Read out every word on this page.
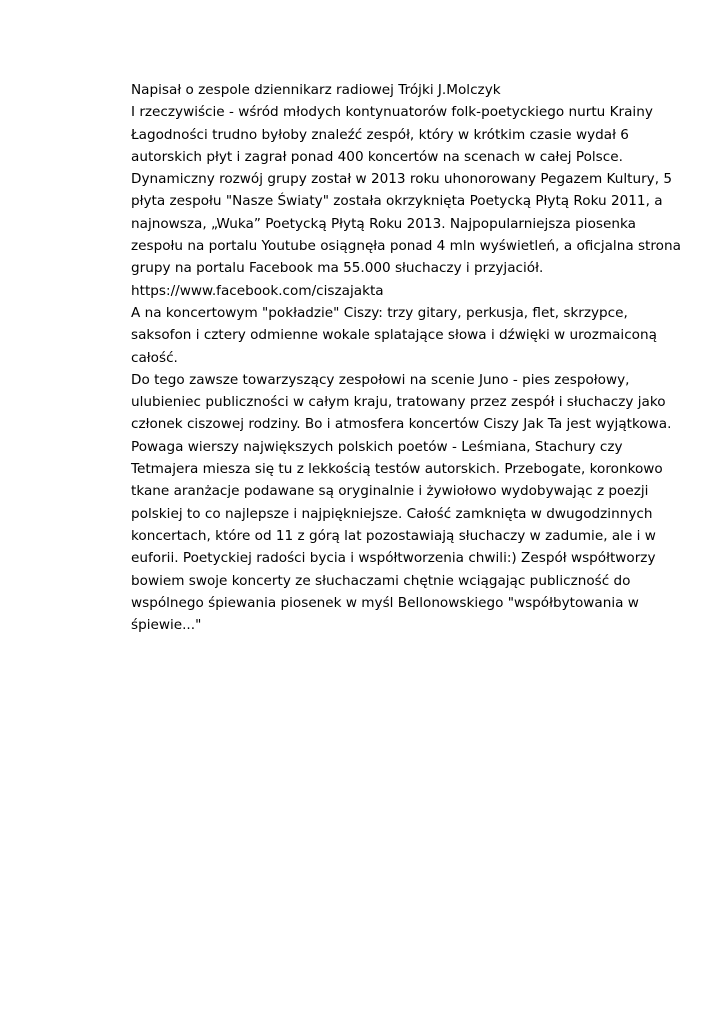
Napisał o zespole dziennikarz radiowej Trójki J.Molczyk
I rzeczywiście - wśród młodych kontynuatorów folk-poetyckiego nurtu Krainy
Łagodności trudno byłoby znaleźć zespół, który w krótkim czasie wydał 6
autorskich płyt i zagrał ponad 400 koncertów na scenach w całej Polsce.
Dynamiczny rozwój grupy został w 2013 roku uhonorowany Pegazem Kultury, 5
płyta zespołu "Nasze Światy" została okrzyknięta Poetycką Płytą Roku 2011, a
najnowsza, „Wuka” Poetycką Płytą Roku 2013. Najpopularniejsza piosenka
zespołu na portalu Youtube osiągnęła ponad 4 mln wyświetleń, a oficjalna strona
grupy na portalu Facebook ma 55.000 słuchaczy i przyjaciół.
https://www.facebook.com/ciszajakta
A na koncertowym "pokładzie" Ciszy: trzy gitary, perkusja, flet, skrzypce,
saksofon i cztery odmienne wokale splatające słowa i dźwięki w urozmaiconą
całość.
Do tego zawsze towarzyszący zespołowi na scenie Juno - pies zespołowy,
ulubieniec publiczności w całym kraju, tratowany przez zespół i słuchaczy jako
członek ciszowej rodziny. Bo i atmosfera koncertów Ciszy Jak Ta jest wyjątkowa.
Powaga wierszy największych polskich poetów - Leśmiana, Stachury czy
Tetmajera miesza się tu z lekkością testów autorskich. Przebogate, koronkowo
tkane aranżacje podawane są oryginalnie i żywiołowo wydobywając z poezji
polskiej to co najlepsze i najpiękniejsze. Całość zamknięta w dwugodzinnych
koncertach, które od 11 z górą lat pozostawiają słuchaczy w zadumie, ale i w
euforii. Poetyckiej radości bycia i współtworzenia chwili:) Zespół współtworzy
bowiem swoje koncerty ze słuchaczami chętnie wciągając publiczność do
wspólnego śpiewania piosenek w myśl Bellonowskiego "współbytowania w
śpiewie..."
